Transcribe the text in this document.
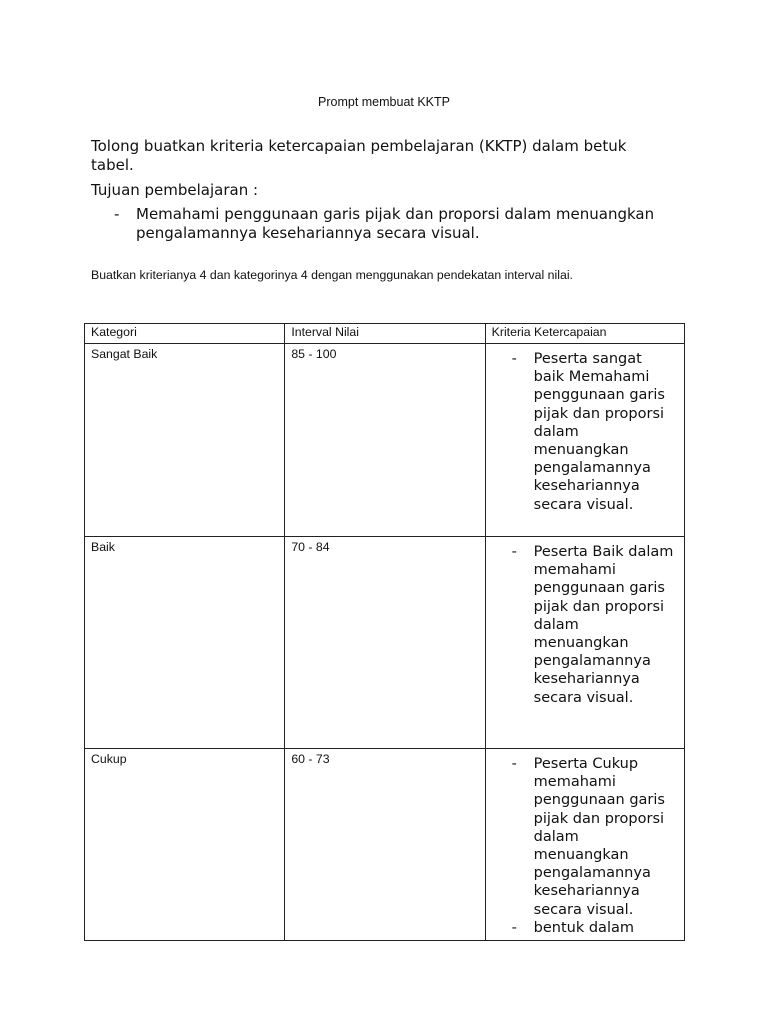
Prompt membuat KKTP
Tolong buatkan kriteria ketercapaian pembelajaran (KKTP) dalam betuk tabel.
Tujuan pembelajaran :
-	Memahami penggunaan garis pijak dan proporsi dalam menuangkan pengalamannya kesehariannya secara visual.
Buatkan kriterianya 4 dan kategorinya 4 dengan menggunakan pendekatan interval nilai.
Kategori	Interval Nilai	Kriteria Ketercapaian
Sangat Baik	85 - 100	- Peserta sangat baik Memahami penggunaan garis pijak dan proporsi dalam menuangkan pengalamannya kesehariannya secara visual.

Baik	70 - 84	- Peserta Baik dalam memahami penggunaan garis pijak dan proporsi dalam menuangkan pengalamannya kesehariannya secara visual.

Cukup	60 - 73	- Peserta Cukup memahami penggunaan garis pijak dan proporsi dalam menuangkan pengalamannya kesehariannya secara visual.
- bentuk dalam
